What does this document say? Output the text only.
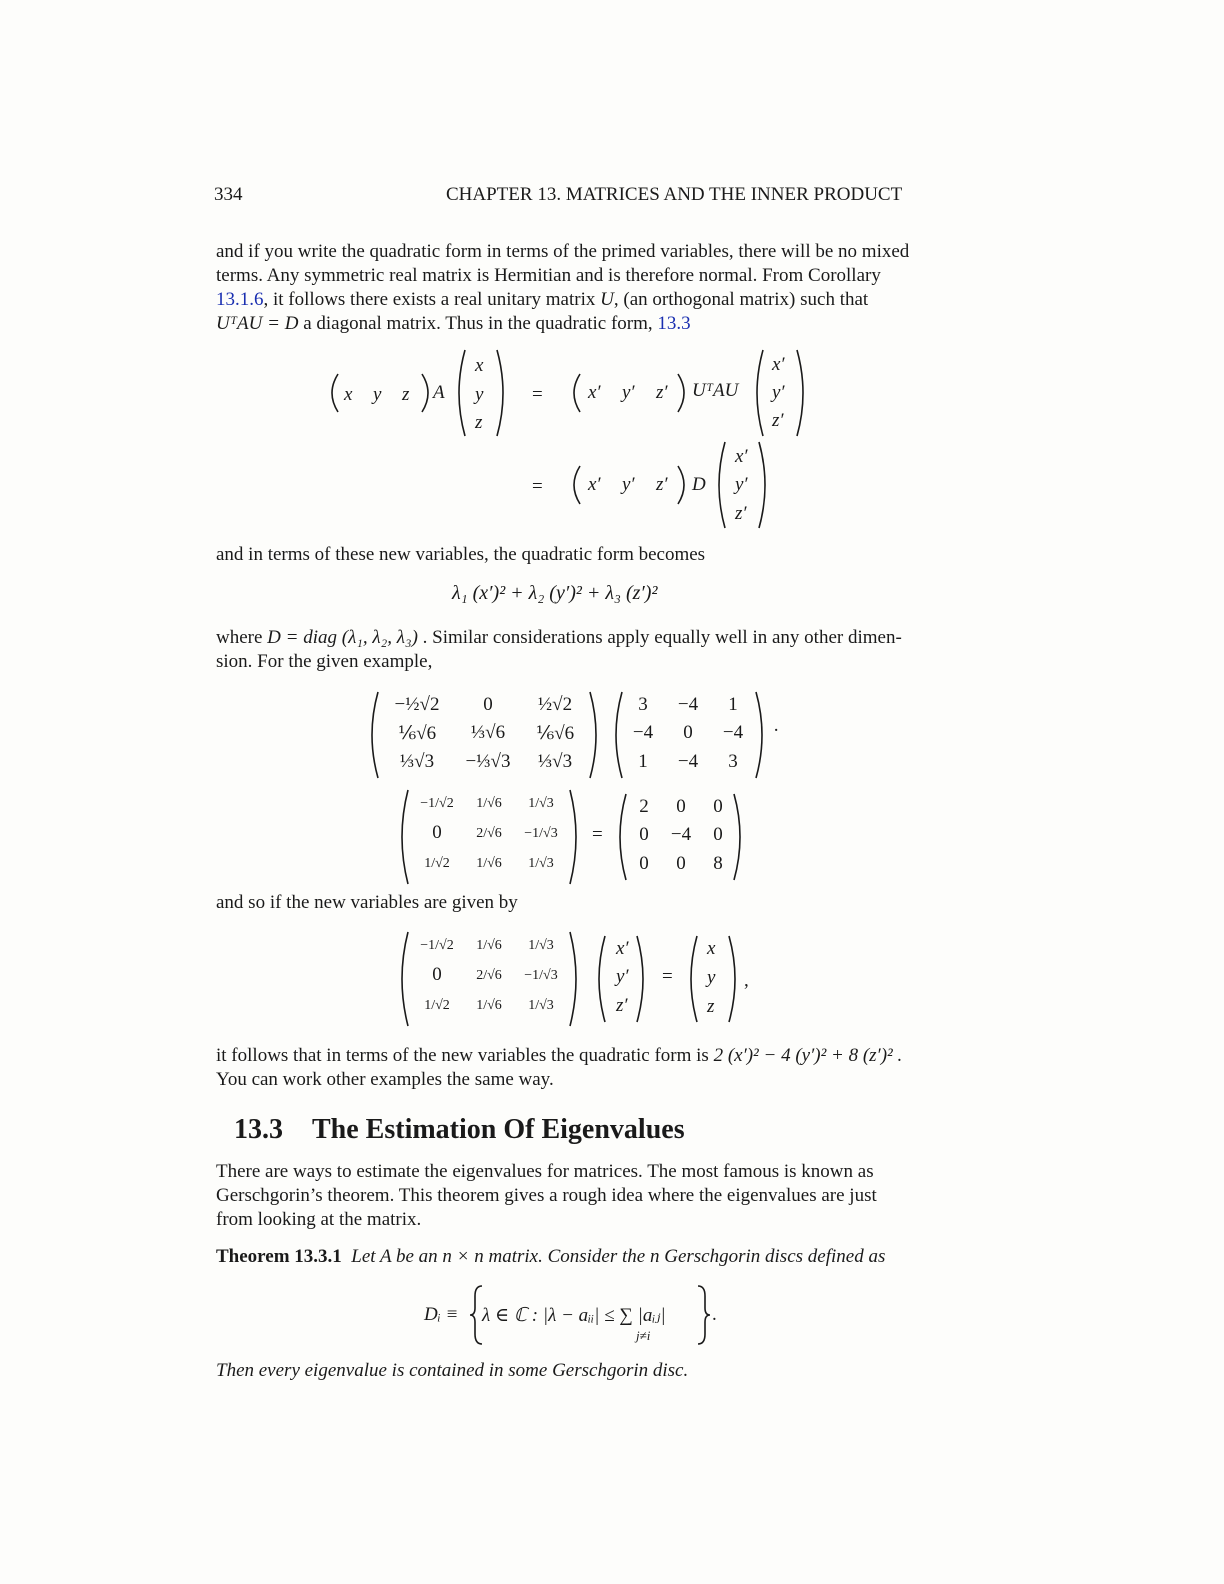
334	CHAPTER 13. MATRICES AND THE INNER PRODUCT
and if you write the quadratic form in terms of the primed variables, there will be no mixed
terms. Any symmetric real matrix is Hermitian and is therefore normal. From Corollary
13.1.6, it follows there exists a real unitary matrix U, (an orthogonal matrix) such that
UᵀAU = D a diagonal matrix. Thus in the quadratic form, 13.3
x y z A
x
y
z
= x′ y′ z′ UᵀAU
x′
y′
z′
= x′ y′ z′ D
x′
y′
z′
and in terms of these new variables, the quadratic form becomes
λ₁ (x′)² + λ₂ (y′)² + λ₃ (z′)²
where D = diag (λ₁, λ₂, λ₃) . Similar considerations apply equally well in any other dimen-
sion. For the given example,
−½√2	0	½√2
⅙√6	⅓√6	⅙√6
⅓√3	−⅓√3	⅓√3
3	−4	1
−4	0	−4
1	−4	3
·
−1/√2	1/√6	1/√3
0	2/√6	−1/√3
1/√2	1/√6	1/√3
=
2	0	0
0	−4	0
0	0	8
and so if the new variables are given by
−1/√2	1/√6	1/√3
0	2/√6	−1/√3
1/√2	1/√6	1/√3
x′
y′
z′
=
x
y
z
,
it follows that in terms of the new variables the quadratic form is 2 (x′)² − 4 (y′)² + 8 (z′)² .
You can work other examples the same way.
13.3 The Estimation Of Eigenvalues
There are ways to estimate the eigenvalues for matrices. The most famous is known as
Gerschgorin’s theorem. This theorem gives a rough idea where the eigenvalues are just
from looking at the matrix.
Theorem 13.3.1 Let A be an n × n matrix. Consider the n Gerschgorin discs defined as
Dᵢ ≡ λ ∈ ℂ : |λ − aᵢᵢ| ≤ ∑ |aᵢⱼ|
j≠i
.
Then every eigenvalue is contained in some Gerschgorin disc.
